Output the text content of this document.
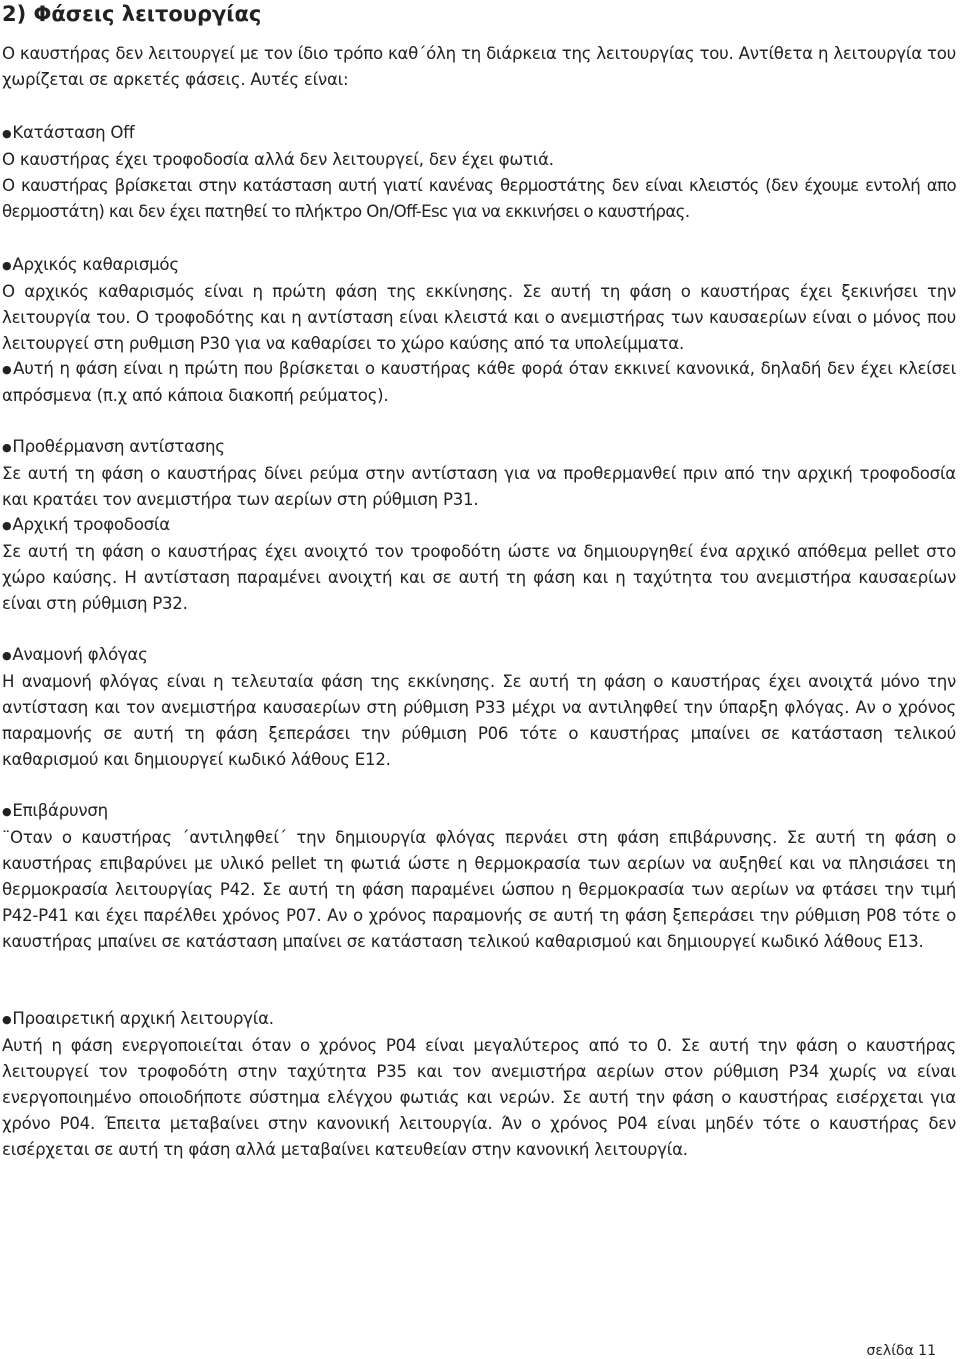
2) Φάσεις λειτουργίας

Ο καυστήρας δεν λειτουργεί με τον ίδιο τρόπο καθ΄όλη τη διάρκεια της λειτουργίας του. Αντίθετα η λειτουργία του χωρίζεται σε αρκετές φάσεις. Αυτές είναι:

●Κατάσταση Off

Ο καυστήρας έχει τροφοδοσία αλλά δεν λειτουργεί, δεν έχει φωτιά.

Ο καυστήρας βρίσκεται στην κατάσταση αυτή γιατί κανένας θερμοστάτης δεν είναι κλειστός (δεν έχουμε εντολή απο θερμοστάτη) και δεν έχει πατηθεί το πλήκτρο On/Off-Esc για να εκκινήσει ο καυστήρας.

●Αρχικός καθαρισμός

Ο αρχικός καθαρισμός είναι η πρώτη φάση της εκκίνησης. Σε αυτή τη φάση ο καυστήρας έχει ξεκινήσει την λειτουργία του. Ο τροφοδότης και η αντίσταση είναι κλειστά και ο ανεμιστήρας των καυσαερίων είναι ο μόνος που λειτουργεί στη ρυθμιση P30 για να καθαρίσει το χώρο καύσης από τα υπολείμματα.

●Αυτή η φάση είναι η πρώτη που βρίσκεται ο καυστήρας κάθε φορά όταν εκκινεί κανονικά, δηλαδή δεν έχει κλείσει απρόσμενα (π.χ από κάποια διακοπή ρεύματος).

●Προθέρμανση αντίστασης

Σε αυτή τη φάση ο καυστήρας δίνει ρεύμα στην αντίσταση για να προθερμανθεί πριν από την αρχική τροφοδοσία και κρατάει τον ανεμιστήρα των αερίων στη ρύθμιση P31.

●Αρχική τροφοδοσία

Σε αυτή τη φάση ο καυστήρας έχει ανοιχτό τον τροφοδότη ώστε να δημιουργηθεί ένα αρχικό απόθεμα pellet στο χώρο καύσης. Η αντίσταση παραμένει ανοιχτή και σε αυτή τη φάση και η ταχύτητα του ανεμιστήρα καυσαερίων είναι στη ρύθμιση P32.

●Αναμονή φλόγας

Η αναμονή φλόγας είναι η τελευταία φάση της εκκίνησης. Σε αυτή τη φάση ο καυστήρας έχει ανοιχτά μόνο την αντίσταση και τον ανεμιστήρα καυσαερίων στη ρύθμιση P33 μέχρι να αντιληφθεί την ύπαρξη φλόγας. Αν ο χρόνος παραμονής σε αυτή τη φάση ξεπεράσει την ρύθμιση P06 τότε ο καυστήρας μπαίνει σε κατάσταση τελικού καθαρισμού και δημιουργεί κωδικό λάθους E12.

●Επιβάρυνση

¨Οταν ο καυστήρας ΄αντιληφθεί΄ την δημιουργία φλόγας περνάει στη φάση επιβάρυνσης. Σε αυτή τη φάση ο καυστήρας επιβαρύνει με υλικό pellet τη φωτιά ώστε η θερμοκρασία των αερίων να αυξηθεί και να πλησιάσει τη θερμοκρασία λειτουργίας P42. Σε αυτή τη φάση παραμένει ώσπου η θερμοκρασία των αερίων να φτάσει την τιμή P42-P41 και έχει παρέλθει χρόνος P07. Αν ο χρόνος παραμονής σε αυτή τη φάση ξεπεράσει την ρύθμιση P08 τότε ο καυστήρας μπαίνει σε κατάσταση μπαίνει σε κατάσταση τελικού καθαρισμού και δημιουργεί κωδικό λάθους E13.

●Προαιρετική αρχική λειτουργία.

Αυτή η φάση ενεργοποιείται όταν ο χρόνος P04 είναι μεγαλύτερος από το 0. Σε αυτή την φάση ο καυστήρας λειτουργεί τον τροφοδότη στην ταχύτητα P35 και τον ανεμιστήρα αερίων στον ρύθμιση P34 χωρίς να είναι ενεργοποιημένο οποιοδήποτε σύστημα ελέγχου φωτιάς και νερών. Σε αυτή την φάση ο καυστήρας εισέρχεται για χρόνο P04. Έπειτα μεταβαίνει στην κανονική λειτουργία. Άν ο χρόνος P04 είναι μηδέν τότε ο καυστήρας δεν εισέρχεται σε αυτή τη φάση αλλά μεταβαίνει κατευθείαν στην κανονική λειτουργία.

σελίδα 11
